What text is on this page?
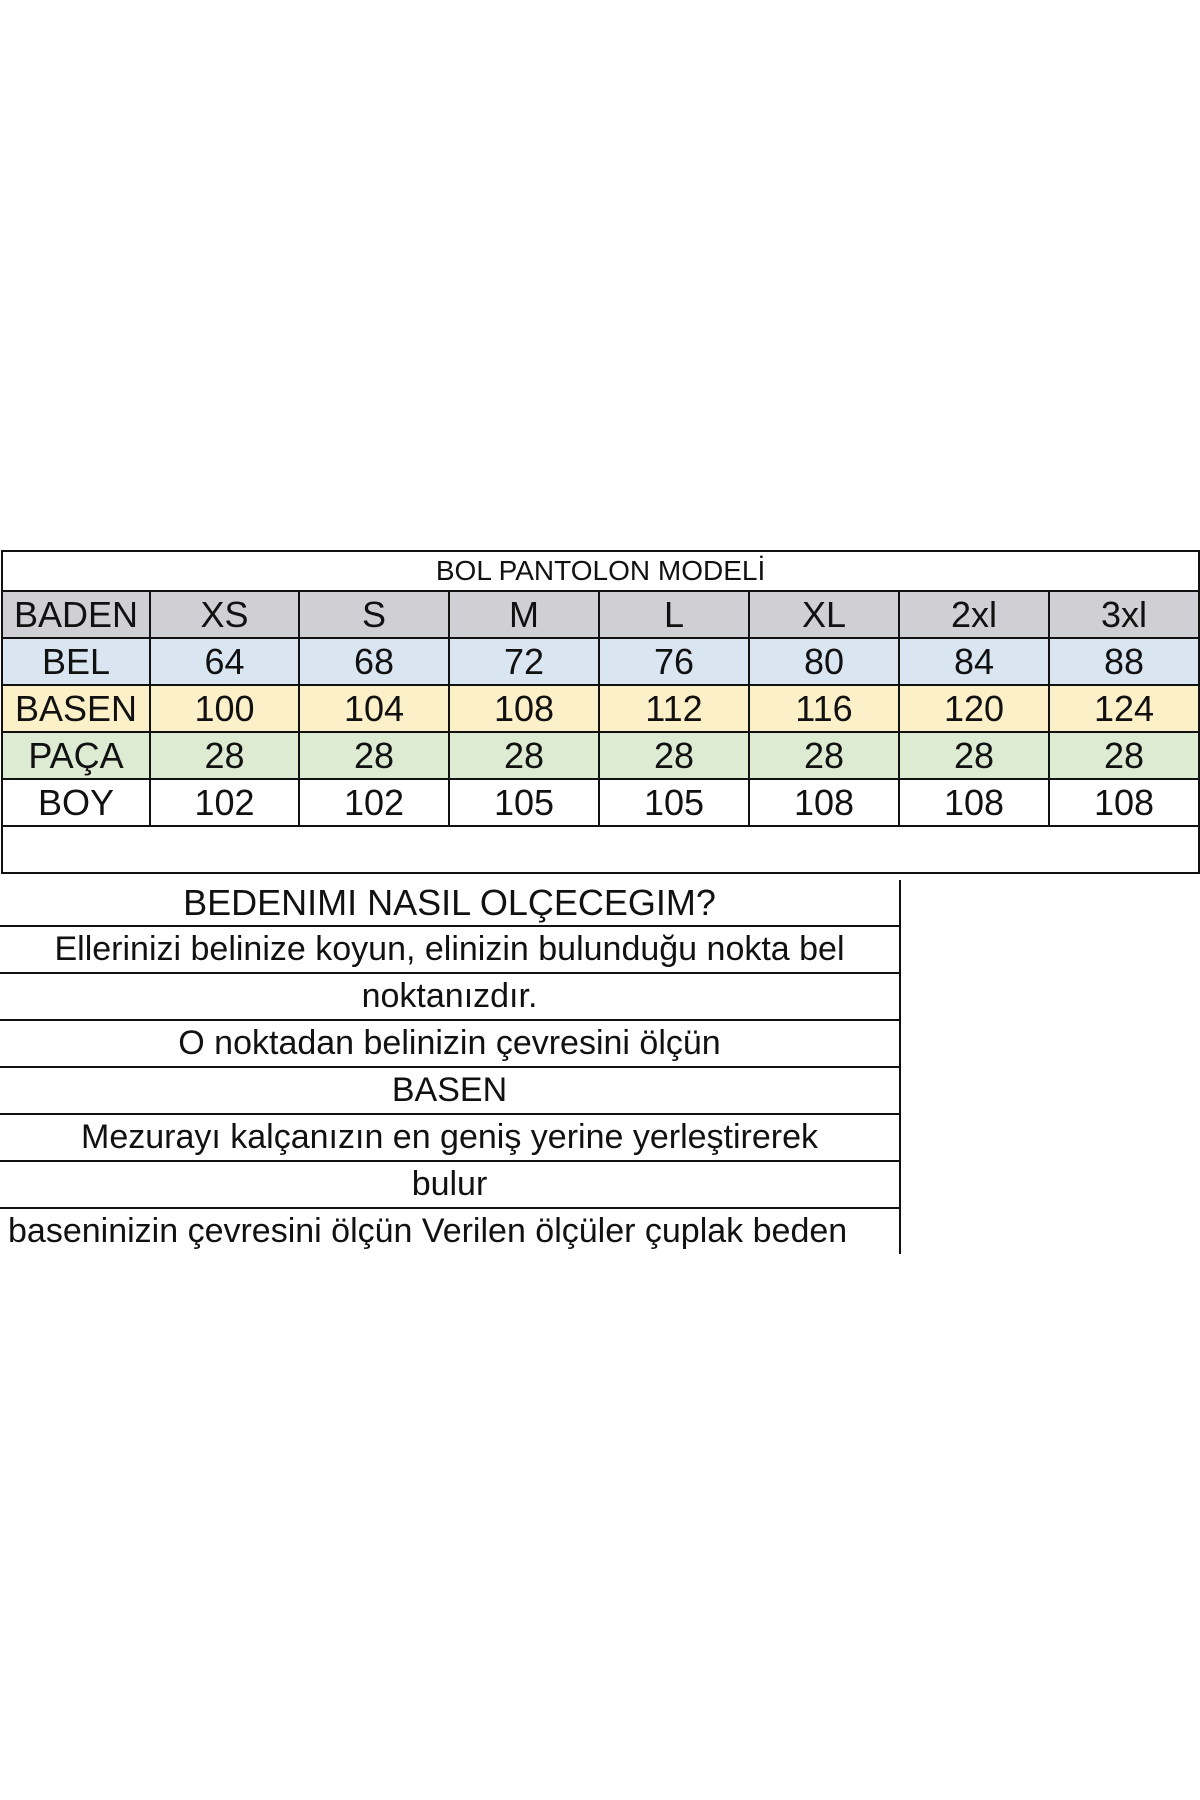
BOL PANTOLON MODELİ							
BADEN	XS	S	M	L	XL	2xl	3xl
BEL	64	68	72	76	80	84	88
BASEN	100	104	108	112	116	120	124
PAÇA	28	28	28	28	28	28	28
BOY	102	102	105	105	108	108	108

BEDENIMI NASIL OLÇECEGIM?
Ellerinizi belinize koyun, elinizin bulunduğu nokta bel
noktanızdır.
O noktadan belinizin çevresini ölçün
BASEN
Mezurayı kalçanızın en geniş yerine yerleştirerek
bulur
baseninizin çevresini ölçün Verilen ölçüler çuplak beden
